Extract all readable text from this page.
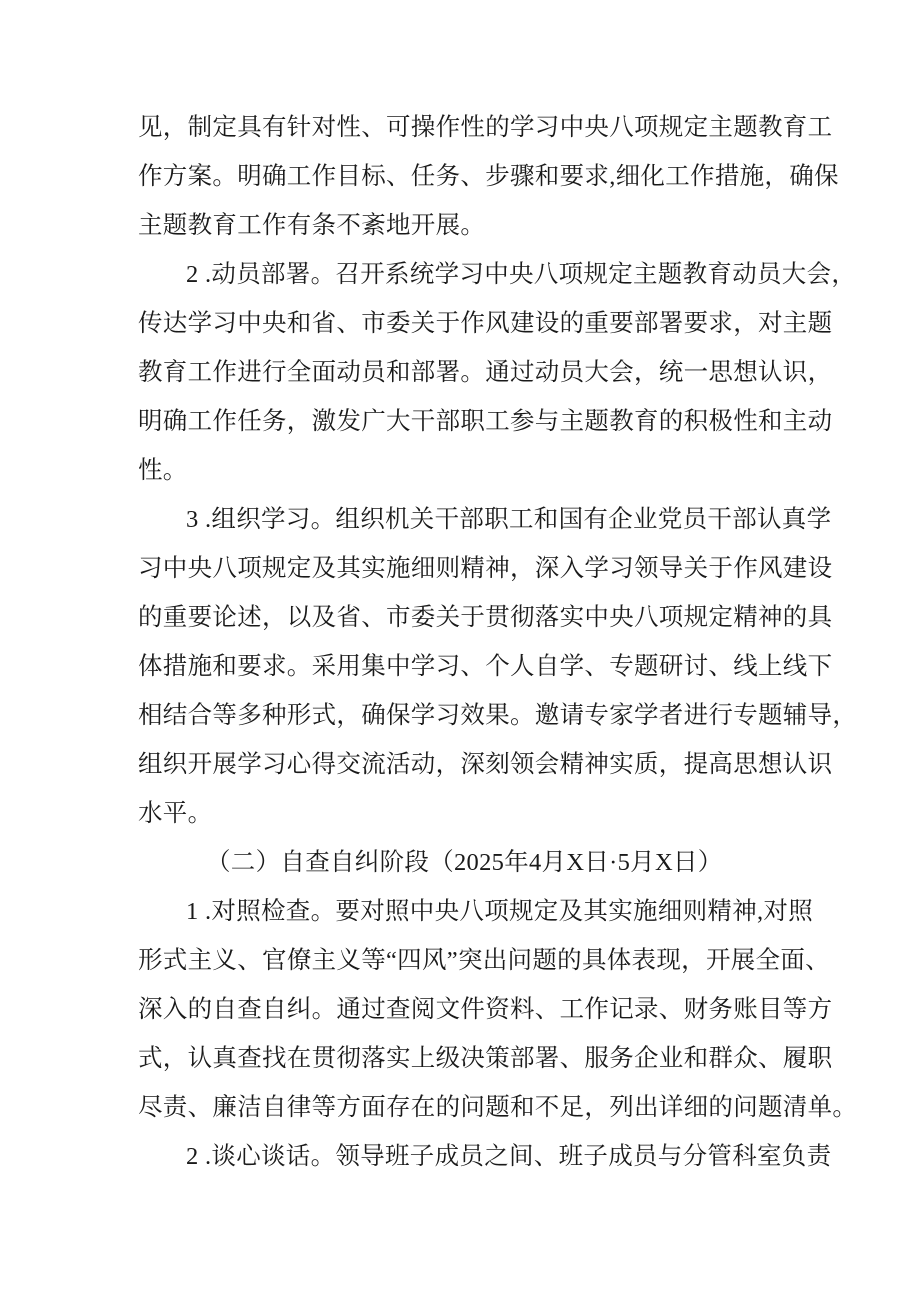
见，制定具有针对性、可操作性的学习中央八项规定主题教育工
作方案。明确工作目标、任务、步骤和要求,细化工作措施，确保
主题教育工作有条不紊地开展。
2 .动员部署。召开系统学习中央八项规定主题教育动员大会，
传达学习中央和省、市委关于作风建设的重要部署要求，对主题
教育工作进行全面动员和部署。通过动员大会，统一思想认识，
明确工作任务，激发广大干部职工参与主题教育的积极性和主动
性。
3 .组织学习。组织机关干部职工和国有企业党员干部认真学
习中央八项规定及其实施细则精神，深入学习领导关于作风建设
的重要论述，以及省、市委关于贯彻落实中央八项规定精神的具
体措施和要求。采用集中学习、个人自学、专题研讨、线上线下
相结合等多种形式，确保学习效果。邀请专家学者进行专题辅导，
组织开展学习心得交流活动，深刻领会精神实质，提高思想认识
水平。
（二）自查自纠阶段（2025年4月X日·5月X日）
1 .对照检查。要对照中央八项规定及其实施细则精神,对照
形式主义、官僚主义等“四风”突出问题的具体表现，开展全面、
深入的自查自纠。通过查阅文件资料、工作记录、财务账目等方
式，认真查找在贯彻落实上级决策部署、服务企业和群众、履职
尽责、廉洁自律等方面存在的问题和不足，列出详细的问题清单。
2 .谈心谈话。领导班子成员之间、班子成员与分管科室负责
